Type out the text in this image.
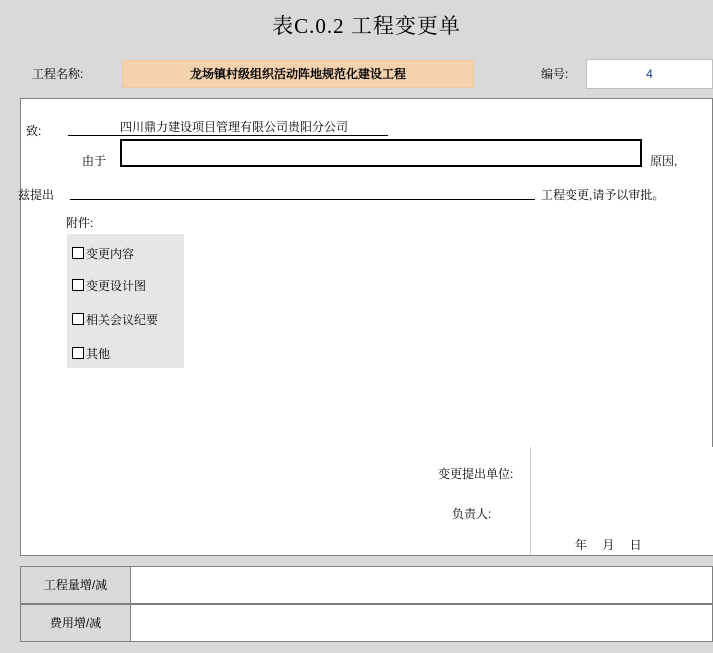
表C.0.2 工程变更单
工程名称:	龙场镇村级组织活动阵地规范化建设工程	编号:	4
致:	四川鼎力建设项目管理有限公司贵阳分公司
由于	原因,
兹提出	工程变更,请予以审批。
附件:
变更内容
变更设计图
相关会议纪要
其他
变更提出单位:
负责人:
年 月 日
工程量增/减
费用增/减
